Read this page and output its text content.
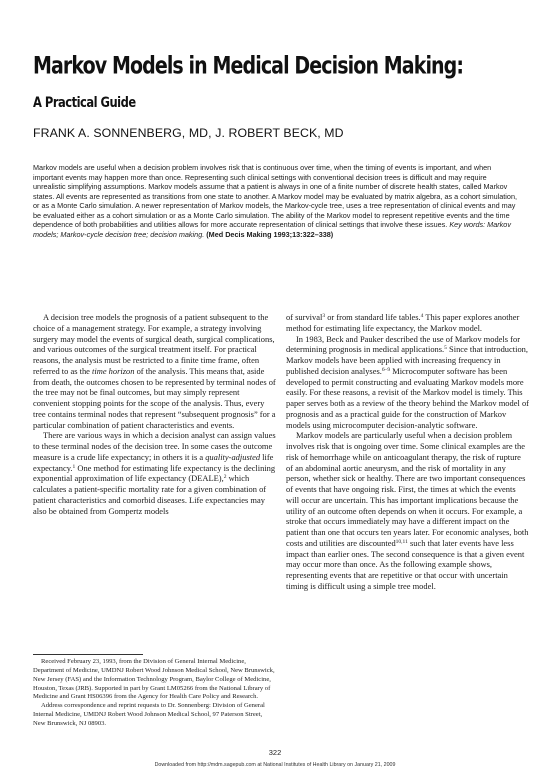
Markov Models in Medical Decision Making:
A Practical Guide
FRANK A. SONNENBERG, MD, J. ROBERT BECK, MD
Markov models are useful when a decision problem involves risk that is continuous over time, when the timing of events is important, and when important events may happen more than once. Representing such clinical settings with conventional decision trees is difficult and may require unrealistic simplifying assumptions. Markov models assume that a patient is always in one of a finite number of discrete health states, called Markov states. All events are represented as transitions from one state to another. A Markov model may be evaluated by matrix algebra, as a cohort simulation, or as a Monte Carlo simulation. A newer representation of Markov models, the Markov-cycle tree, uses a tree representation of clinical events and may be evaluated either as a cohort simulation or as a Monte Carlo simulation. The ability of the Markov model to represent repetitive events and the time dependence of both probabilities and utilities allows for more accurate representation of clinical settings that involve these issues. Key words: Markov models; Markov-cycle decision tree; decision making. (Med Decis Making 1993;13:322–338)

A decision tree models the prognosis of a patient subsequent to the choice of a management strategy. For example, a strategy involving surgery may model the events of surgical death, surgical complications, and various outcomes of the surgical treatment itself. For practical reasons, the analysis must be restricted to a finite time frame, often referred to as the time horizon of the analysis. This means that, aside from death, the outcomes chosen to be represented by terminal nodes of the tree may not be final outcomes, but may simply represent convenient stopping points for the scope of the analysis. Thus, every tree contains terminal nodes that represent “subsequent prognosis” for a particular combination of patient characteristics and events.

There are various ways in which a decision analyst can assign values to these terminal nodes of the decision tree. In some cases the outcome measure is a crude life expectancy; in others it is a quality-adjusted life expectancy.$^1$ One method for estimating life expectancy is the declining exponential approximation of life expectancy (DEALE),$^2$ which calculates a patient-specific mortality rate for a given combination of patient characteristics and comorbid diseases. Life expectancies may also be obtained from Gompertz models

Received February 23, 1993, from the Division of General Internal Medicine, Department of Medicine, UMDNJ Robert Wood Johnson Medical School, New Brunswick, New Jersey (FAS) and the Information Technology Program, Baylor College of Medicine, Houston, Texas (JRB). Supported in part by Grant LM05266 from the National Library of Medicine and Grant HS06396 from the Agency for Health Care Policy and Research.

Address correspondence and reprint requests to Dr. Sonnenberg: Division of General Internal Medicine, UMDNJ Robert Wood Johnson Medical School, 97 Paterson Street, New Brunswick, NJ 08903.

of survival$^3$ or from standard life tables.$^4$ This paper explores another method for estimating life expectancy, the Markov model.

In 1983, Beck and Pauker described the use of Markov models for determining prognosis in medical applications.$^5$ Since that introduction, Markov models have been applied with increasing frequency in published decision analyses.$^{6-9}$ Microcomputer software has been developed to permit constructing and evaluating Markov models more easily. For these reasons, a revisit of the Markov model is timely. This paper serves both as a review of the theory behind the Markov model of prognosis and as a practical guide for the construction of Markov models using microcomputer decision-analytic software.

Markov models are particularly useful when a decision problem involves risk that is ongoing over time. Some clinical examples are the risk of hemorrhage while on anticoagulant therapy, the risk of rupture of an abdominal aortic aneurysm, and the risk of mortality in any person, whether sick or healthy. There are two important consequences of events that have ongoing risk. First, the times at which the events will occur are uncertain. This has important implications because the utility of an outcome often depends on when it occurs. For example, a stroke that occurs immediately may have a different impact on the patient than one that occurs ten years later. For economic analyses, both costs and utilities are discounted$^{10,11}$ such that later events have less impact than earlier ones. The second consequence is that a given event may occur more than once. As the following example shows, representing events that are repetitive or that occur with uncertain timing is difficult using a simple tree model.

322
Downloaded from http://mdm.sagepub.com at National Institutes of Health Library on January 21, 2009
